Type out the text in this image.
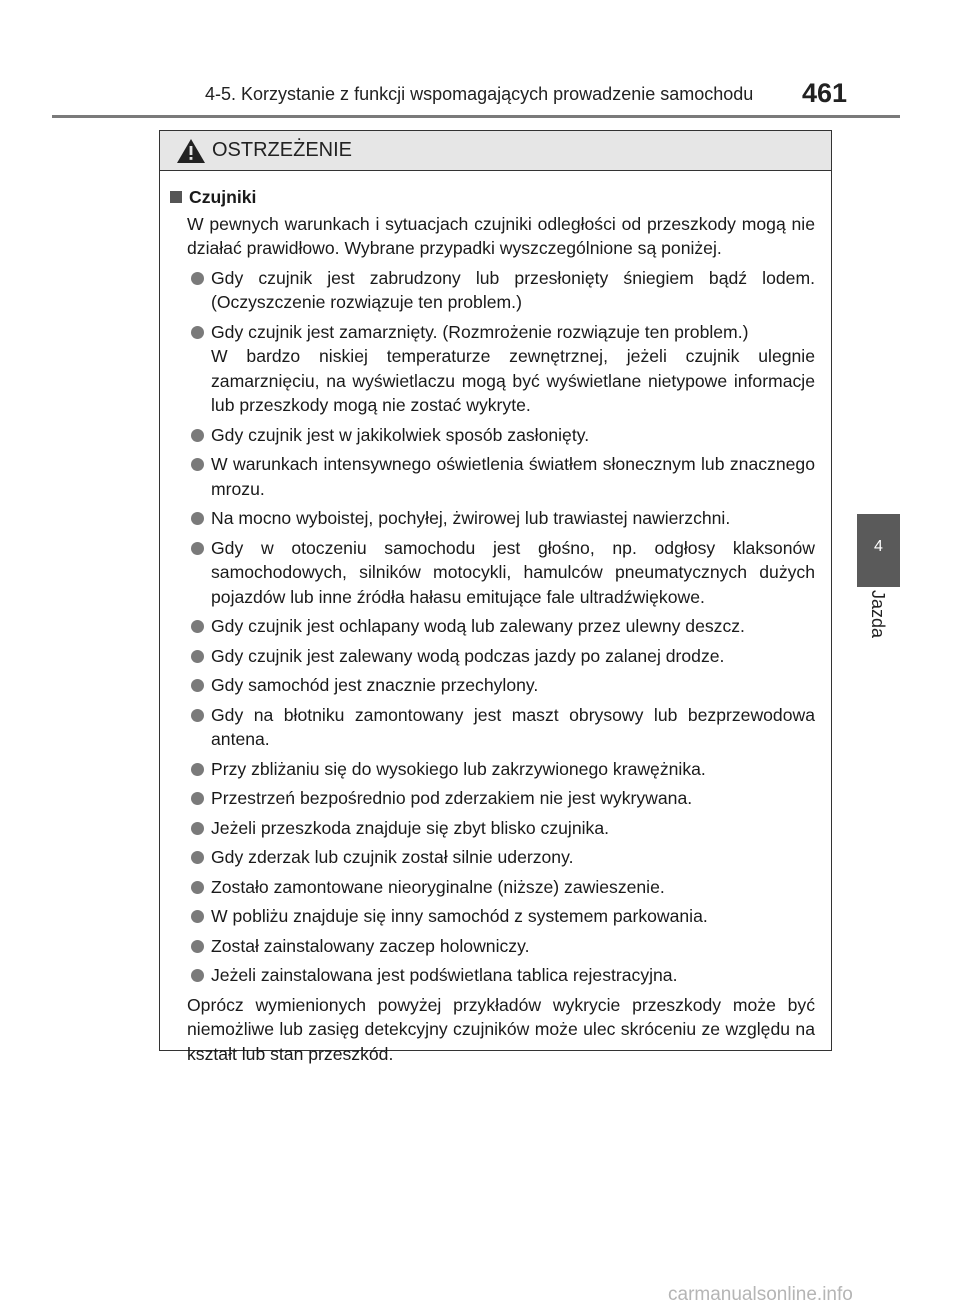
4-5. Korzystanie z funkcji wspomagających prowadzenie samochodu 461
4
Jazda
OSTRZEŻENIE
Czujniki
W pewnych warunkach i sytuacjach czujniki odległości od przeszkody mogą nie działać prawidłowo. Wybrane przypadki wyszczególnione są poniżej.

Gdy czujnik jest zabrudzony lub przesłonięty śniegiem bądź lodem. (Oczyszczenie rozwiązuje ten problem.)

Gdy czujnik jest zamarznięty. (Rozmrożenie rozwiązuje ten problem.)

W bardzo niskiej temperaturze zewnętrznej, jeżeli czujnik ulegnie zamarznięciu, na wyświetlaczu mogą być wyświetlane nietypowe informacje lub przeszkody mogą nie zostać wykryte.

Gdy czujnik jest w jakikolwiek sposób zasłonięty.

W warunkach intensywnego oświetlenia światłem słonecznym lub znacznego mrozu.

Na mocno wyboistej, pochyłej, żwirowej lub trawiastej nawierzchni.

Gdy w otoczeniu samochodu jest głośno, np. odgłosy klaksonów samochodowych, silników motocykli, hamulców pneumatycznych dużych pojazdów lub inne źródła hałasu emitujące fale ultradźwiękowe.

Gdy czujnik jest ochlapany wodą lub zalewany przez ulewny deszcz.

Gdy czujnik jest zalewany wodą podczas jazdy po zalanej drodze.

Gdy samochód jest znacznie przechylony.

Gdy na błotniku zamontowany jest maszt obrysowy lub bezprzewodowa antena.

Przy zbliżaniu się do wysokiego lub zakrzywionego krawężnika.

Przestrzeń bezpośrednio pod zderzakiem nie jest wykrywana.

Jeżeli przeszkoda znajduje się zbyt blisko czujnika.

Gdy zderzak lub czujnik został silnie uderzony.

Zostało zamontowane nieoryginalne (niższe) zawieszenie.

W pobliżu znajduje się inny samochód z systemem parkowania.

Został zainstalowany zaczep holowniczy.

Jeżeli zainstalowana jest podświetlana tablica rejestracyjna.

Oprócz wymienionych powyżej przykładów wykrycie przeszkody może być niemożliwe lub zasięg detekcyjny czujników może ulec skróceniu ze względu na kształt lub stan przeszkód.
carmanualsonline.info
